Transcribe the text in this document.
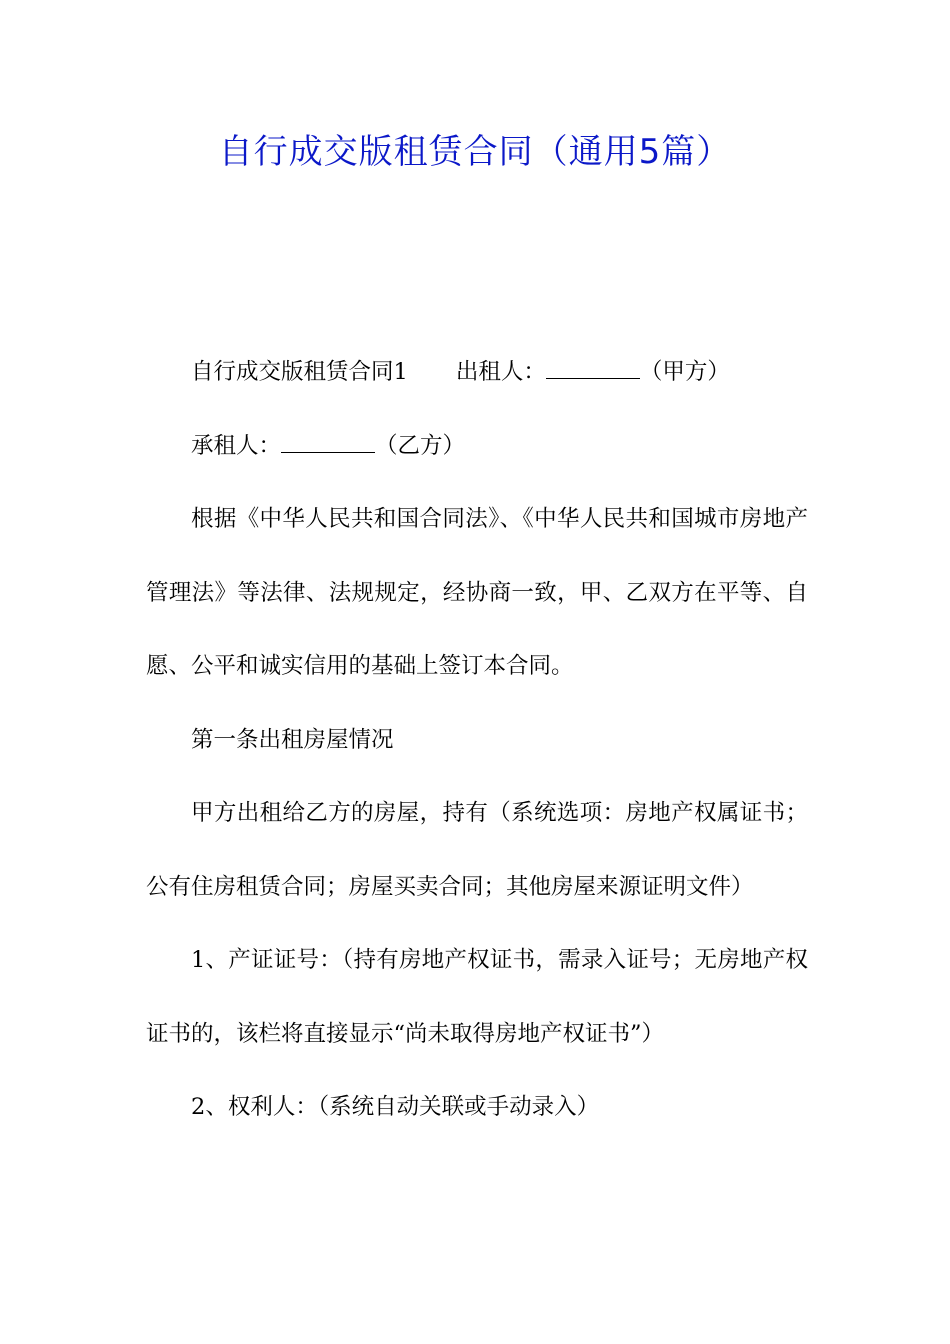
自行成交版租赁合同（通用5篇）

自行成交版租赁合同1 出租人：	（甲方）

承租人：	（乙方）

根据《中华人民共和国合同法》、《中华人民共和国城市房地产管理法》等法律、法规规定，经协商一致，甲、乙双方在平等、自愿、公平和诚实信用的基础上签订本合同。

第一条出租房屋情况

甲方出租给乙方的房屋，持有（系统选项：房地产权属证书；公有住房租赁合同；房屋买卖合同；其他房屋来源证明文件）

1、产证证号：（持有房地产权证书，需录入证号；无房地产权证书的，该栏将直接显示“尚未取得房地产权证书”）

2、权利人：（系统自动关联或手动录入）
